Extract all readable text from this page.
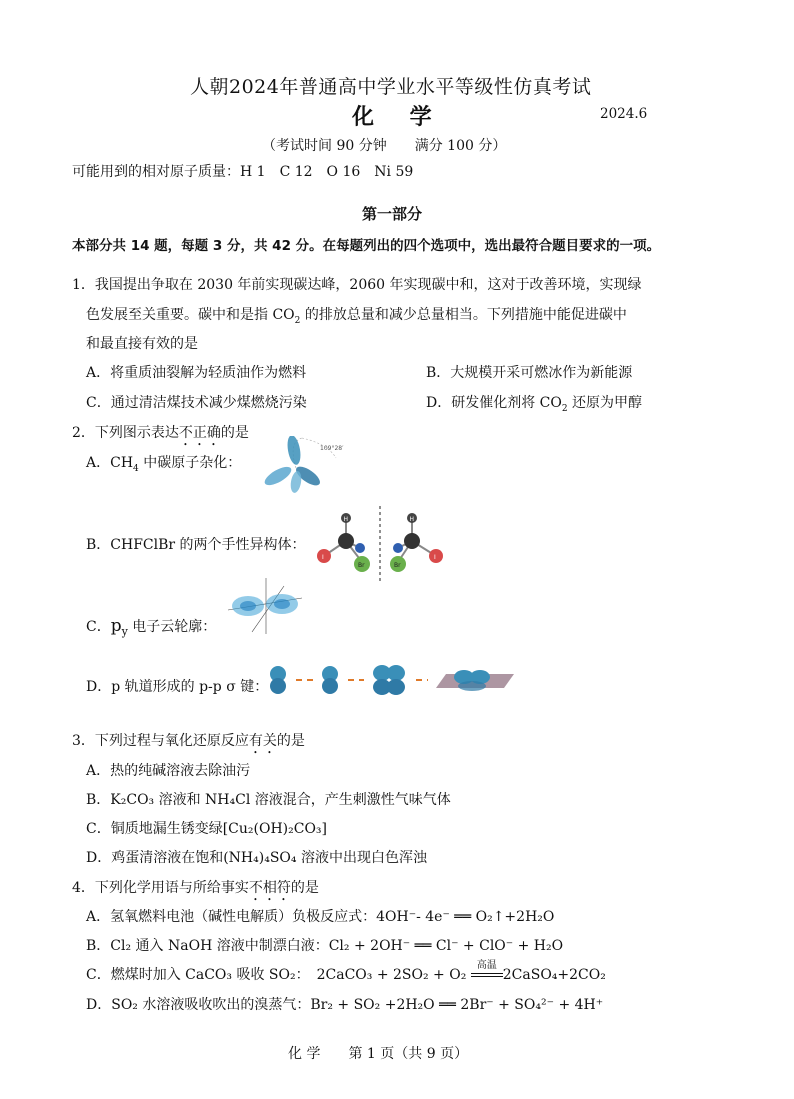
人朝2024年普通高中学业水平等级性仿真考试
化 学	2024.6
（考试时间 90 分钟　　满分 100 分）
可能用到的相对原子质量：H 1　C 12　O 16　Ni 59
第一部分
本部分共 14 题，每题 3 分，共 42 分。在每题列出的四个选项中，选出最符合题目要求的一项。
1．我国提出争取在 2030 年前实现碳达峰，2060 年实现碳中和，这对于改善环境，实现绿
色发展至关重要。碳中和是指 $CO_2$ 的排放总量和减少总量相当。下列措施中能促进碳中
和最直接有效的是
A．将重质油裂解为轻质油作为燃料	B．大规模开采可燃冰作为新能源
C．通过清洁煤技术减少煤燃烧污染	D．研发催化剂将 $CO_2$ 还原为甲醇
2．下列图示表达不正确的是
A．$CH_4$ 中碳原子杂化：
109°28′
B．CHFClBr 的两个手性异构体：
H
I
Br
H
I
Br
C．$p_y$ 电子云轮廓：
D．p 轨道形成的 p-p σ 键：
3．下列过程与氧化还原反应有关的是
A．热的纯碱溶液去除油污
B．K₂CO₃ 溶液和 NH₄Cl 溶液混合，产生刺激性气味气体
C．铜质地漏生锈变绿[Cu₂(OH)₂CO₃]
D．鸡蛋清溶液在饱和(NH₄)₄SO₄ 溶液中出现白色浑浊
4．下列化学用语与所给事实不相符的是
A．氢氧燃料电池（碱性电解质）负极反应式：4OH⁻- 4e⁻ ══ O₂↑+2H₂O
B．Cl₂ 通入 NaOH 溶液中制漂白液：Cl₂ + 2OH⁻ ══ Cl⁻ + ClO⁻ + H₂O
C．燃煤时加入 CaCO₃ 吸收 SO₂：　2CaCO₃ + 2SO₂ + O₂
高温
2CaSO₄+2CO₂
D．SO₂ 水溶液吸收吹出的溴蒸气：Br₂ + SO₂ +2H₂O ══ 2Br⁻ + SO₄²⁻ + 4H⁺
化 学　　第 1 页（共 9 页）
